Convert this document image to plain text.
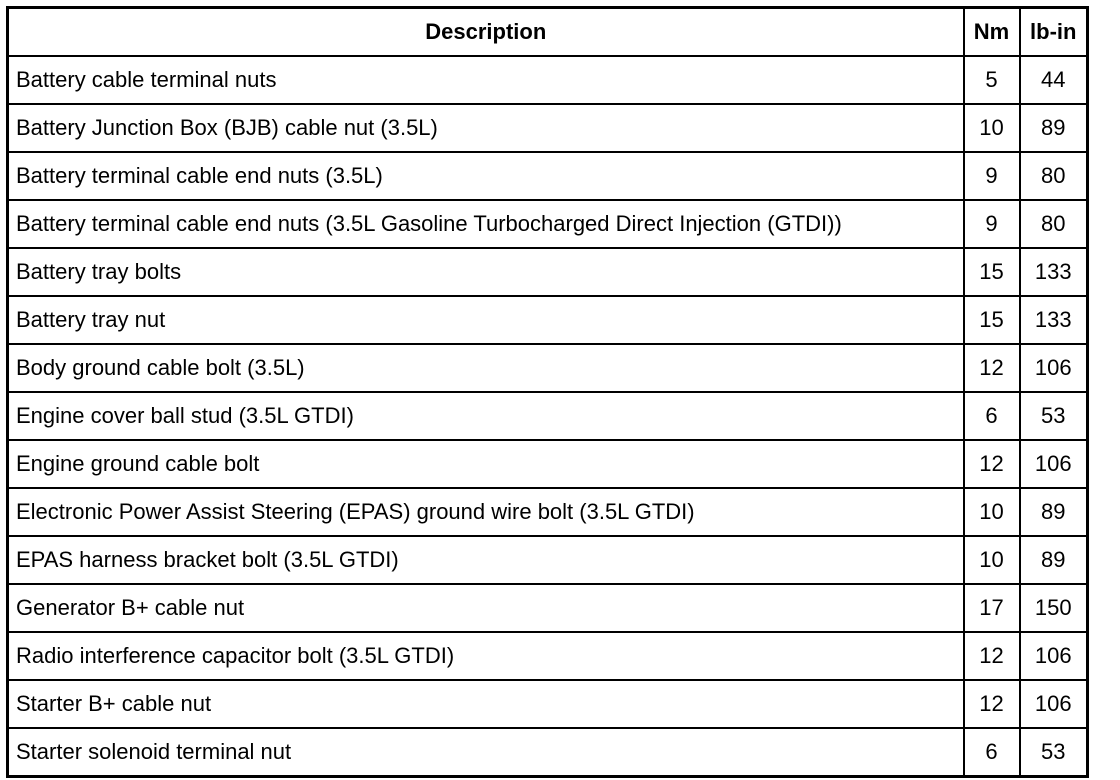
Description	Nm	lb-in
Battery cable terminal nuts	5	44
Battery Junction Box (BJB) cable nut (3.5L)	10	89
Battery terminal cable end nuts (3.5L)	9	80
Battery terminal cable end nuts (3.5L Gasoline Turbocharged Direct Injection (GTDI))	9	80
Battery tray bolts	15	133
Battery tray nut	15	133
Body ground cable bolt (3.5L)	12	106
Engine cover ball stud (3.5L GTDI)	6	53
Engine ground cable bolt	12	106
Electronic Power Assist Steering (EPAS) ground wire bolt (3.5L GTDI)	10	89
EPAS harness bracket bolt (3.5L GTDI)	10	89
Generator B+ cable nut	17	150
Radio interference capacitor bolt (3.5L GTDI)	12	106
Starter B+ cable nut	12	106
Starter solenoid terminal nut	6	53
